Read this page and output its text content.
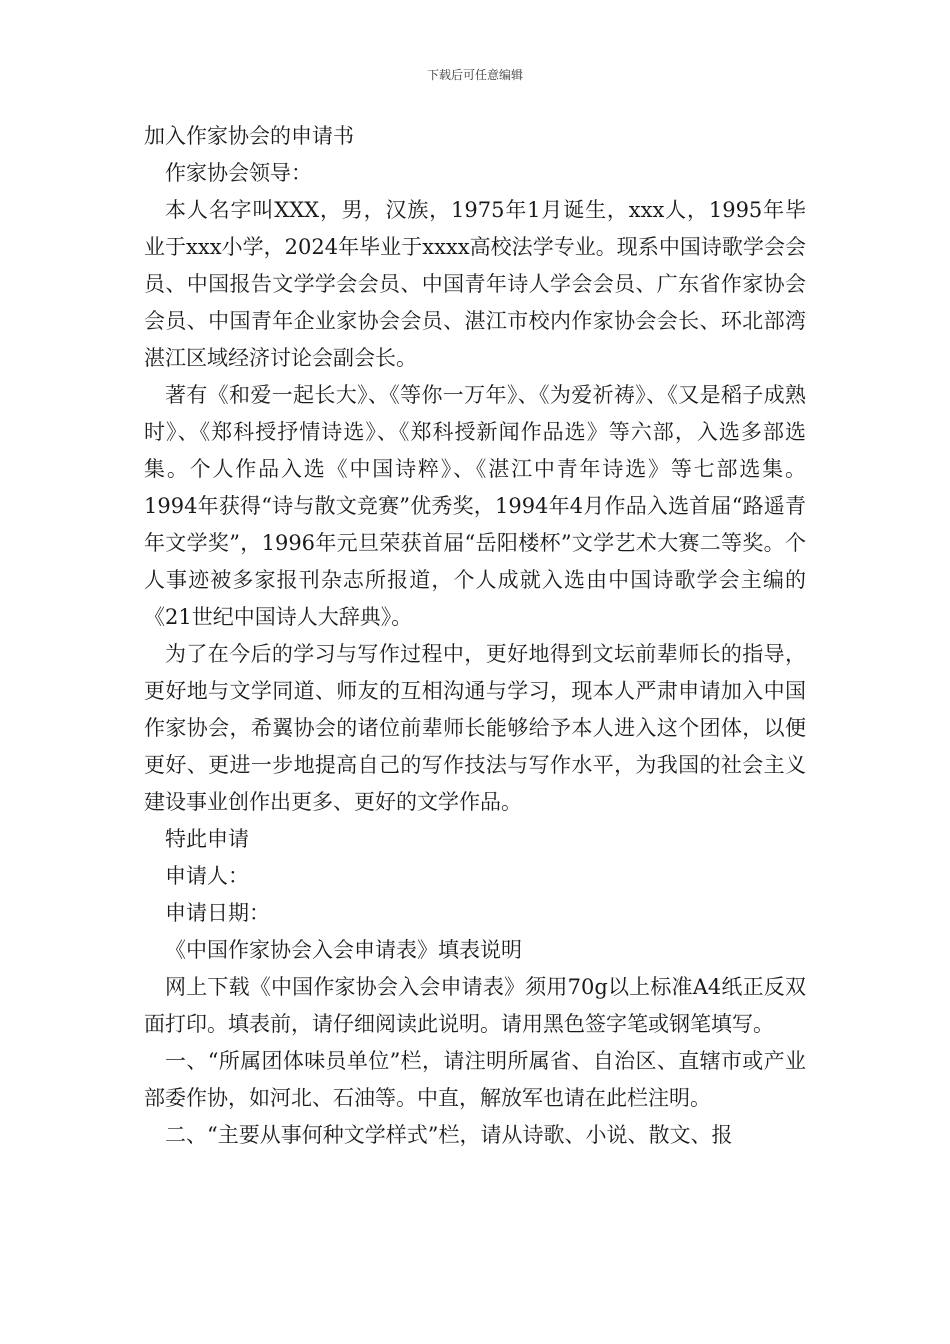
下载后可任意编辑

加入作家协会的申请书

作家协会领导：

本人名字叫XXX，男，汉族，1975年1月诞生，xxx人，1995年毕业于xxx小学，2024年毕业于xxxx高校法学专业。现系中国诗歌学会会员、中国报告文学学会会员、中国青年诗人学会会员、广东省作家协会会员、中国青年企业家协会会员、湛江市校内作家协会会长、环北部湾湛江区域经济讨论会副会长。

著有《和爱一起长大》、《等你一万年》、《为爱祈祷》、《又是稻子成熟时》、《郑科授抒情诗选》、《郑科授新闻作品选》等六部，入选多部选集。个人作品入选《中国诗粹》、《湛江中青年诗选》等七部选集。1994年获得“诗与散文竞赛”优秀奖，1994年4月作品入选首届“路遥青年文学奖”，1996年元旦荣获首届“岳阳楼杯”文学艺术大赛二等奖。个人事迹被多家报刊杂志所报道，个人成就入选由中国诗歌学会主编的《21世纪中国诗人大辞典》。

为了在今后的学习与写作过程中，更好地得到文坛前辈师长的指导，更好地与文学同道、师友的互相沟通与学习，现本人严肃申请加入中国作家协会，希翼协会的诸位前辈师长能够给予本人进入这个团体，以便更好、更进一步地提高自己的写作技法与写作水平，为我国的社会主义建设事业创作出更多、更好的文学作品。

特此申请

申请人：

申请日期：

《中国作家协会入会申请表》填表说明

网上下载《中国作家协会入会申请表》须用70g以上标准A4纸正反双面打印。填表前，请仔细阅读此说明。请用黑色签字笔或钢笔填写。

一、“所属团体味员单位”栏，请注明所属省、自治区、直辖市或产业部委作协，如河北、石油等。中直，解放军也请在此栏注明。

二、“主要从事何种文学样式”栏，请从诗歌、小说、散文、报
